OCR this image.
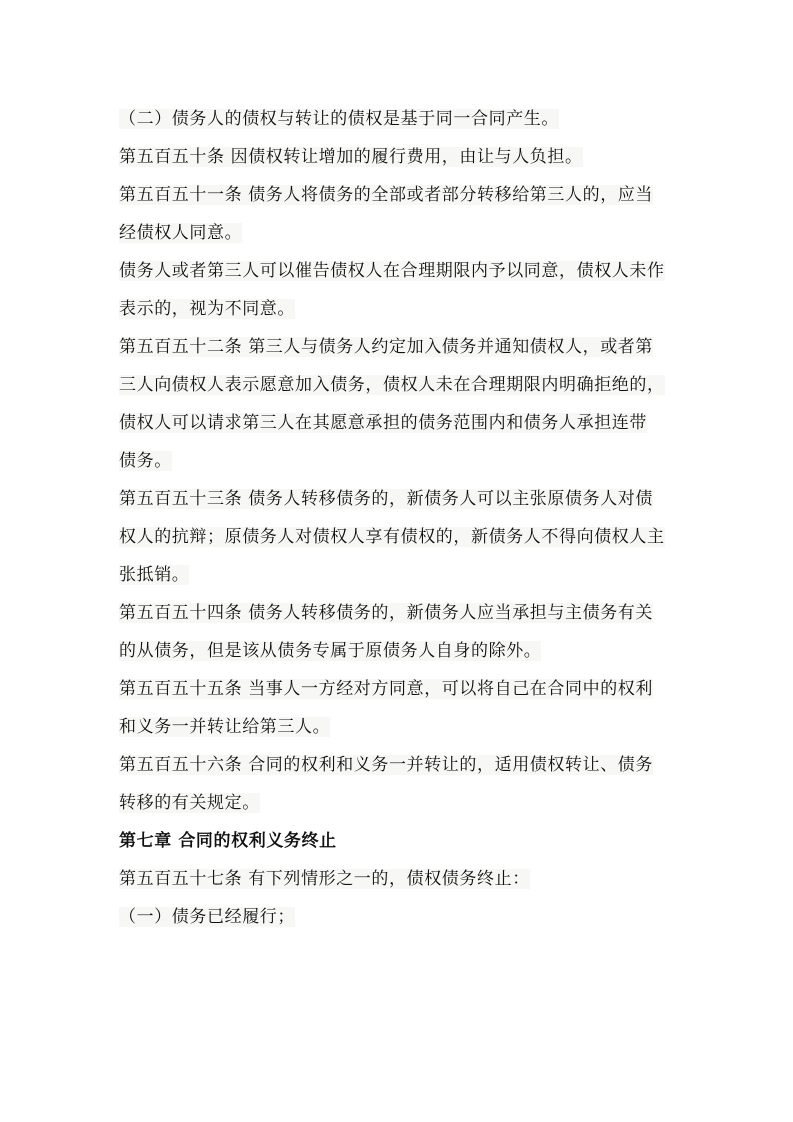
（二）债务人的债权与转让的债权是基于同一合同产生。

第五百五十条 因债权转让增加的履行费用，由让与人负担。

第五百五十一条 债务人将债务的全部或者部分转移给第三人的，应当
经债权人同意。

债务人或者第三人可以催告债权人在合理期限内予以同意，债权人未作
表示的，视为不同意。

第五百五十二条 第三人与债务人约定加入债务并通知债权人，或者第
三人向债权人表示愿意加入债务，债权人未在合理期限内明确拒绝的，
债权人可以请求第三人在其愿意承担的债务范围内和债务人承担连带
债务。

第五百五十三条 债务人转移债务的，新债务人可以主张原债务人对债
权人的抗辩；原债务人对债权人享有债权的，新债务人不得向债权人主
张抵销。

第五百五十四条 债务人转移债务的，新债务人应当承担与主债务有关
的从债务，但是该从债务专属于原债务人自身的除外。

第五百五十五条 当事人一方经对方同意，可以将自己在合同中的权利
和义务一并转让给第三人。

第五百五十六条 合同的权利和义务一并转让的，适用债权转让、债务
转移的有关规定。

第七章 合同的权利义务终止

第五百五十七条 有下列情形之一的，债权债务终止：

（一）债务已经履行；
